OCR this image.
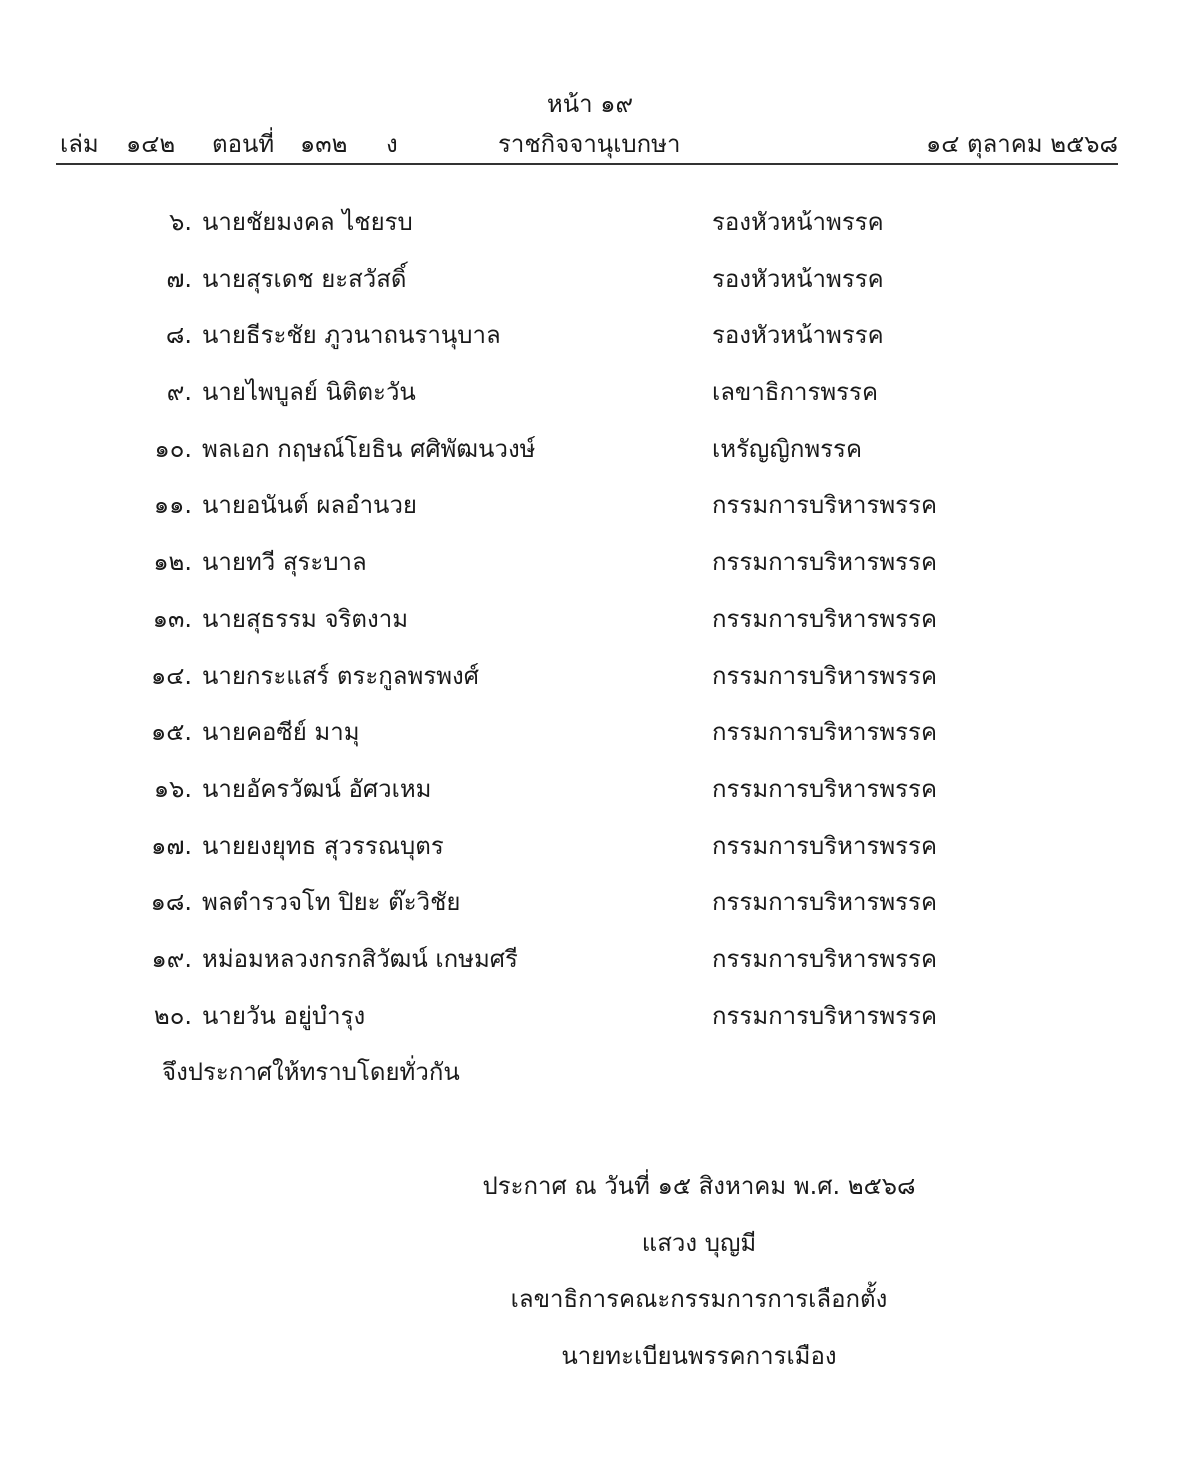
หน้า ๑๙
เล่ม ๑๔๒ ตอนที่ ๑๓๒ ง	ราชกิจจานุเบกษา	๑๔ ตุลาคม ๒๕๖๘
๖. นายชัยมงคล ไชยรบ	รองหัวหน้าพรรค
๗. นายสุรเดช ยะสวัสดิ์	รองหัวหน้าพรรค
๘. นายธีระชัย ภูวนาถนรานุบาล	รองหัวหน้าพรรค
๙. นายไพบูลย์ นิติตะวัน	เลขาธิการพรรค
๑๐. พลเอก กฤษณ์โยธิน ศศิพัฒนวงษ์	เหรัญญิกพรรค
๑๑. นายอนันต์ ผลอำนวย	กรรมการบริหารพรรค
๑๒. นายทวี สุระบาล	กรรมการบริหารพรรค
๑๓. นายสุธรรม จริตงาม	กรรมการบริหารพรรค
๑๔. นายกระแสร์ ตระกูลพรพงศ์	กรรมการบริหารพรรค
๑๕. นายคอซีย์ มามุ	กรรมการบริหารพรรค
๑๖. นายอัครวัฒน์ อัศวเหม	กรรมการบริหารพรรค
๑๗. นายยงยุทธ สุวรรณบุตร	กรรมการบริหารพรรค
๑๘. พลตำรวจโท ปิยะ ต๊ะวิชัย	กรรมการบริหารพรรค
๑๙. หม่อมหลวงกรกสิวัฒน์ เกษมศรี	กรรมการบริหารพรรค
๒๐. นายวัน อยู่บำรุง	กรรมการบริหารพรรค
จึงประกาศให้ทราบโดยทั่วกัน
ประกาศ ณ วันที่ ๑๕ สิงหาคม พ.ศ. ๒๕๖๘
แสวง บุญมี
เลขาธิการคณะกรรมการการเลือกตั้ง
นายทะเบียนพรรคการเมือง
